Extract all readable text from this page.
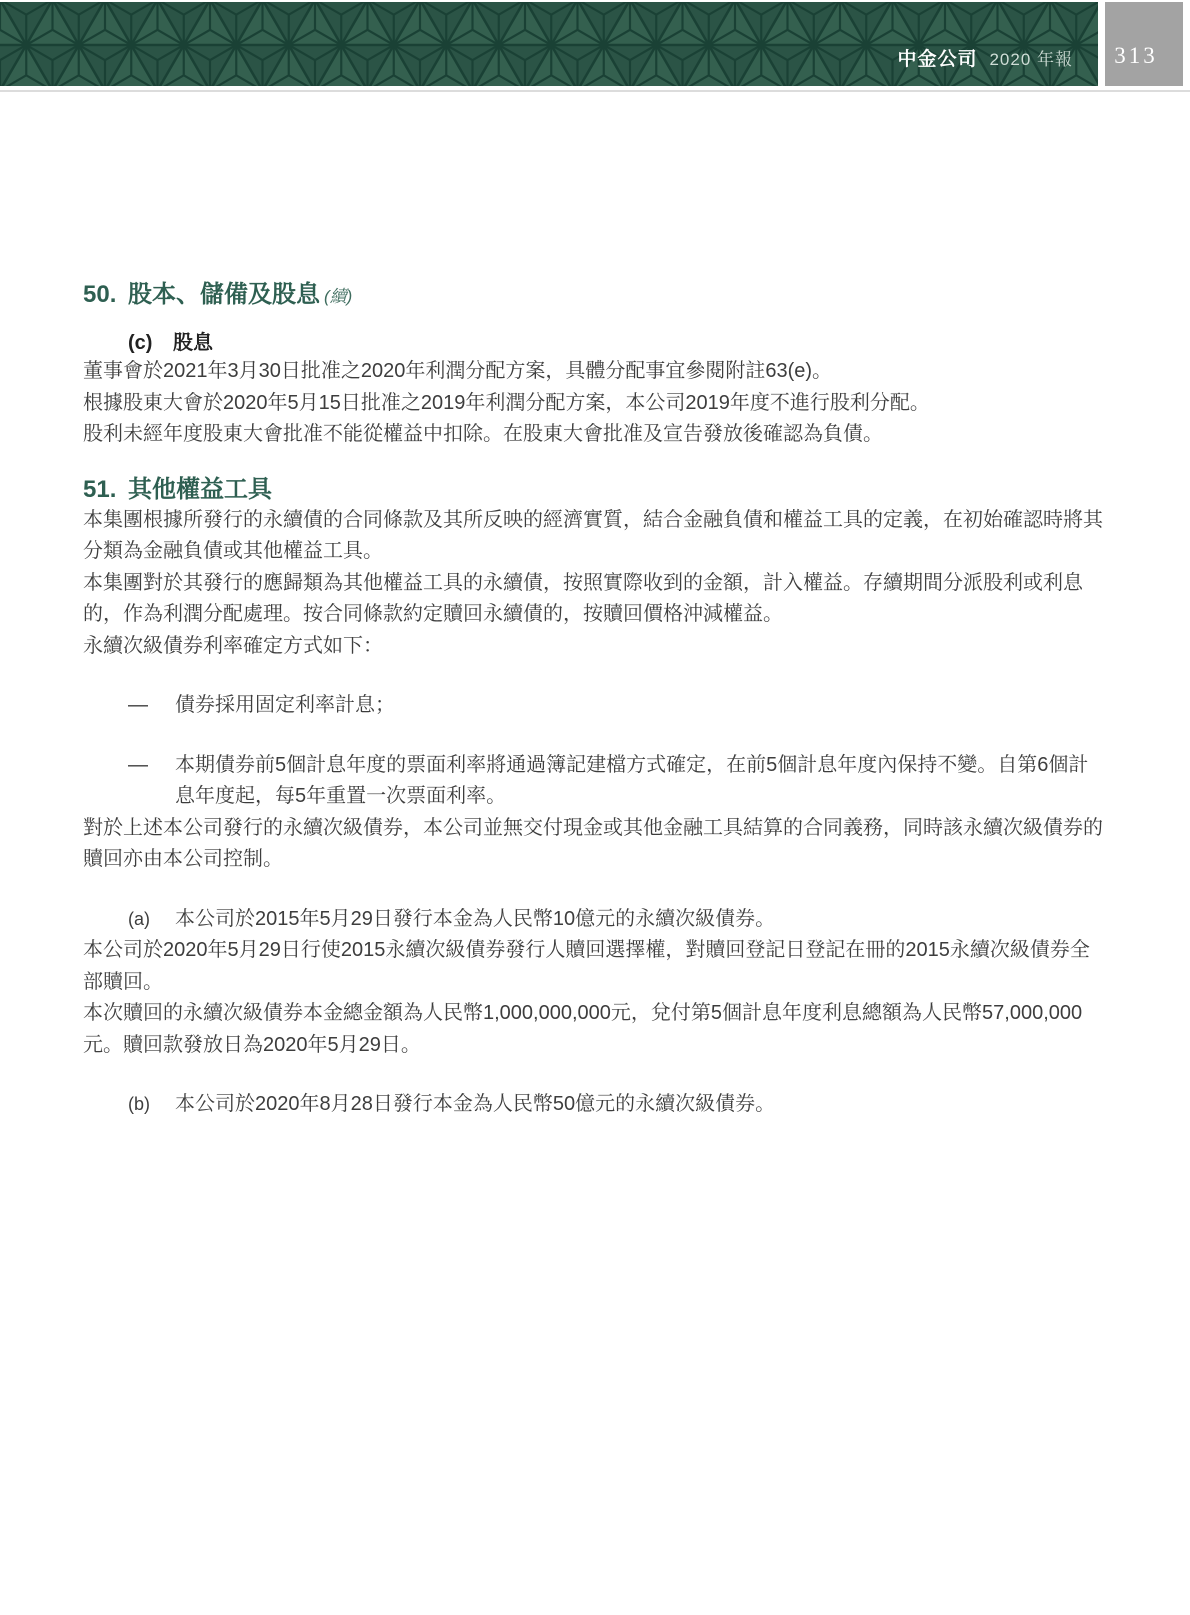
中金公司 2020 年報 313
50. 股本、儲備及股息 (續)
(c)	股息

董事會於2021年3月30日批准之2020年利潤分配方案，具體分配事宜參閱附註63(e)。

根據股東大會於2020年5月15日批准之2019年利潤分配方案，本公司2019年度不進行股利分配。

股利未經年度股東大會批准不能從權益中扣除。在股東大會批准及宣告發放後確認為負債。

51. 其他權益工具

本集團根據所發行的永續債的合同條款及其所反映的經濟實質，結合金融負債和權益工具的定義，在初始確認時將其分類為金融負債或其他權益工具。

本集團對於其發行的應歸類為其他權益工具的永續債，按照實際收到的金額，計入權益。存續期間分派股利或利息的，作為利潤分配處理。按合同條款約定贖回永續債的，按贖回價格沖減權益。

永續次級債券利率確定方式如下：

—	債券採用固定利率計息；

—	本期債券前5個計息年度的票面利率將通過簿記建檔方式確定，在前5個計息年度內保持不變。自第6個計息年度起，每5年重置一次票面利率。

對於上述本公司發行的永續次級債券，本公司並無交付現金或其他金融工具結算的合同義務，同時該永續次級債券的贖回亦由本公司控制。

(a)	本公司於2015年5月29日發行本金為人民幣10億元的永續次級債券。

本公司於2020年5月29日行使2015永續次級債券發行人贖回選擇權，對贖回登記日登記在冊的2015永續次級債券全部贖回。

本次贖回的永續次級債券本金總金額為人民幣1,000,000,000元，兌付第5個計息年度利息總額為人民幣57,000,000元。贖回款發放日為2020年5月29日。

(b)	本公司於2020年8月28日發行本金為人民幣50億元的永續次級債券。
